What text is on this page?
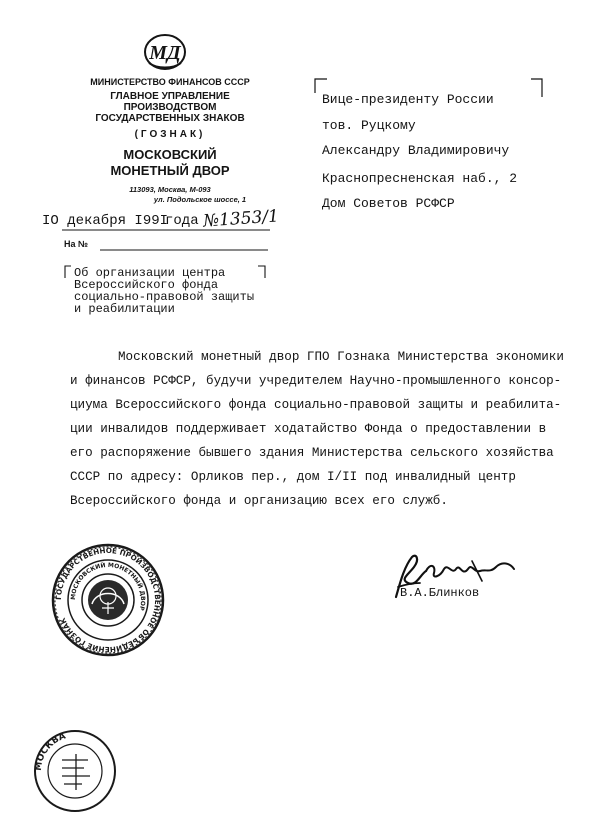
МД
МИНИСТЕРСТВО ФИНАНСОВ СССР
ГЛАВНОЕ УПРАВЛЕНИЕ
ПРОИЗВОДСТВОМ
ГОСУДАРСТВЕННЫХ ЗНАКОВ
(ГОЗНАК)
МОСКОВСКИЙ
МОНЕТНЫЙ ДВОР
113093, Москва, М-093
ул. Подольское шоссе, 1
IO декабря I99I
года №1353/1
На №
Вице-президенту России
тов. Руцкому
Александру Владимировичу
Краснопресненская наб., 2
Дом Советов РСФСР
Об организации центра
Всероссийского фонда
социально-правовой защиты
и реабилитации
Московский монетный двор ГПО Гознака Министерства экономики
и финансов РСФСР, будучи учредителем Научно-промышленного консор-
циума Всероссийского фонда социально-правовой защиты и реабилита-
ции инвалидов поддерживает ходатайство Фонда о предоставлении в
его распоряжение бывшего здания Министерства сельского хозяйства
СССР по адресу: Орликов пер., дом I/II под инвалидный центр
Всероссийского фонда и организацию всех его служб.
ГОСУДАРСТВЕННОЕ ПРОИЗВОДСТВЕННОЕ ОБЪЕДИНЕНИЕ ГОЗНАК
МОСКОВСКИЙ МОНЕТНЫЙ ДВОР
В.А.Блинков
МОСКВА
